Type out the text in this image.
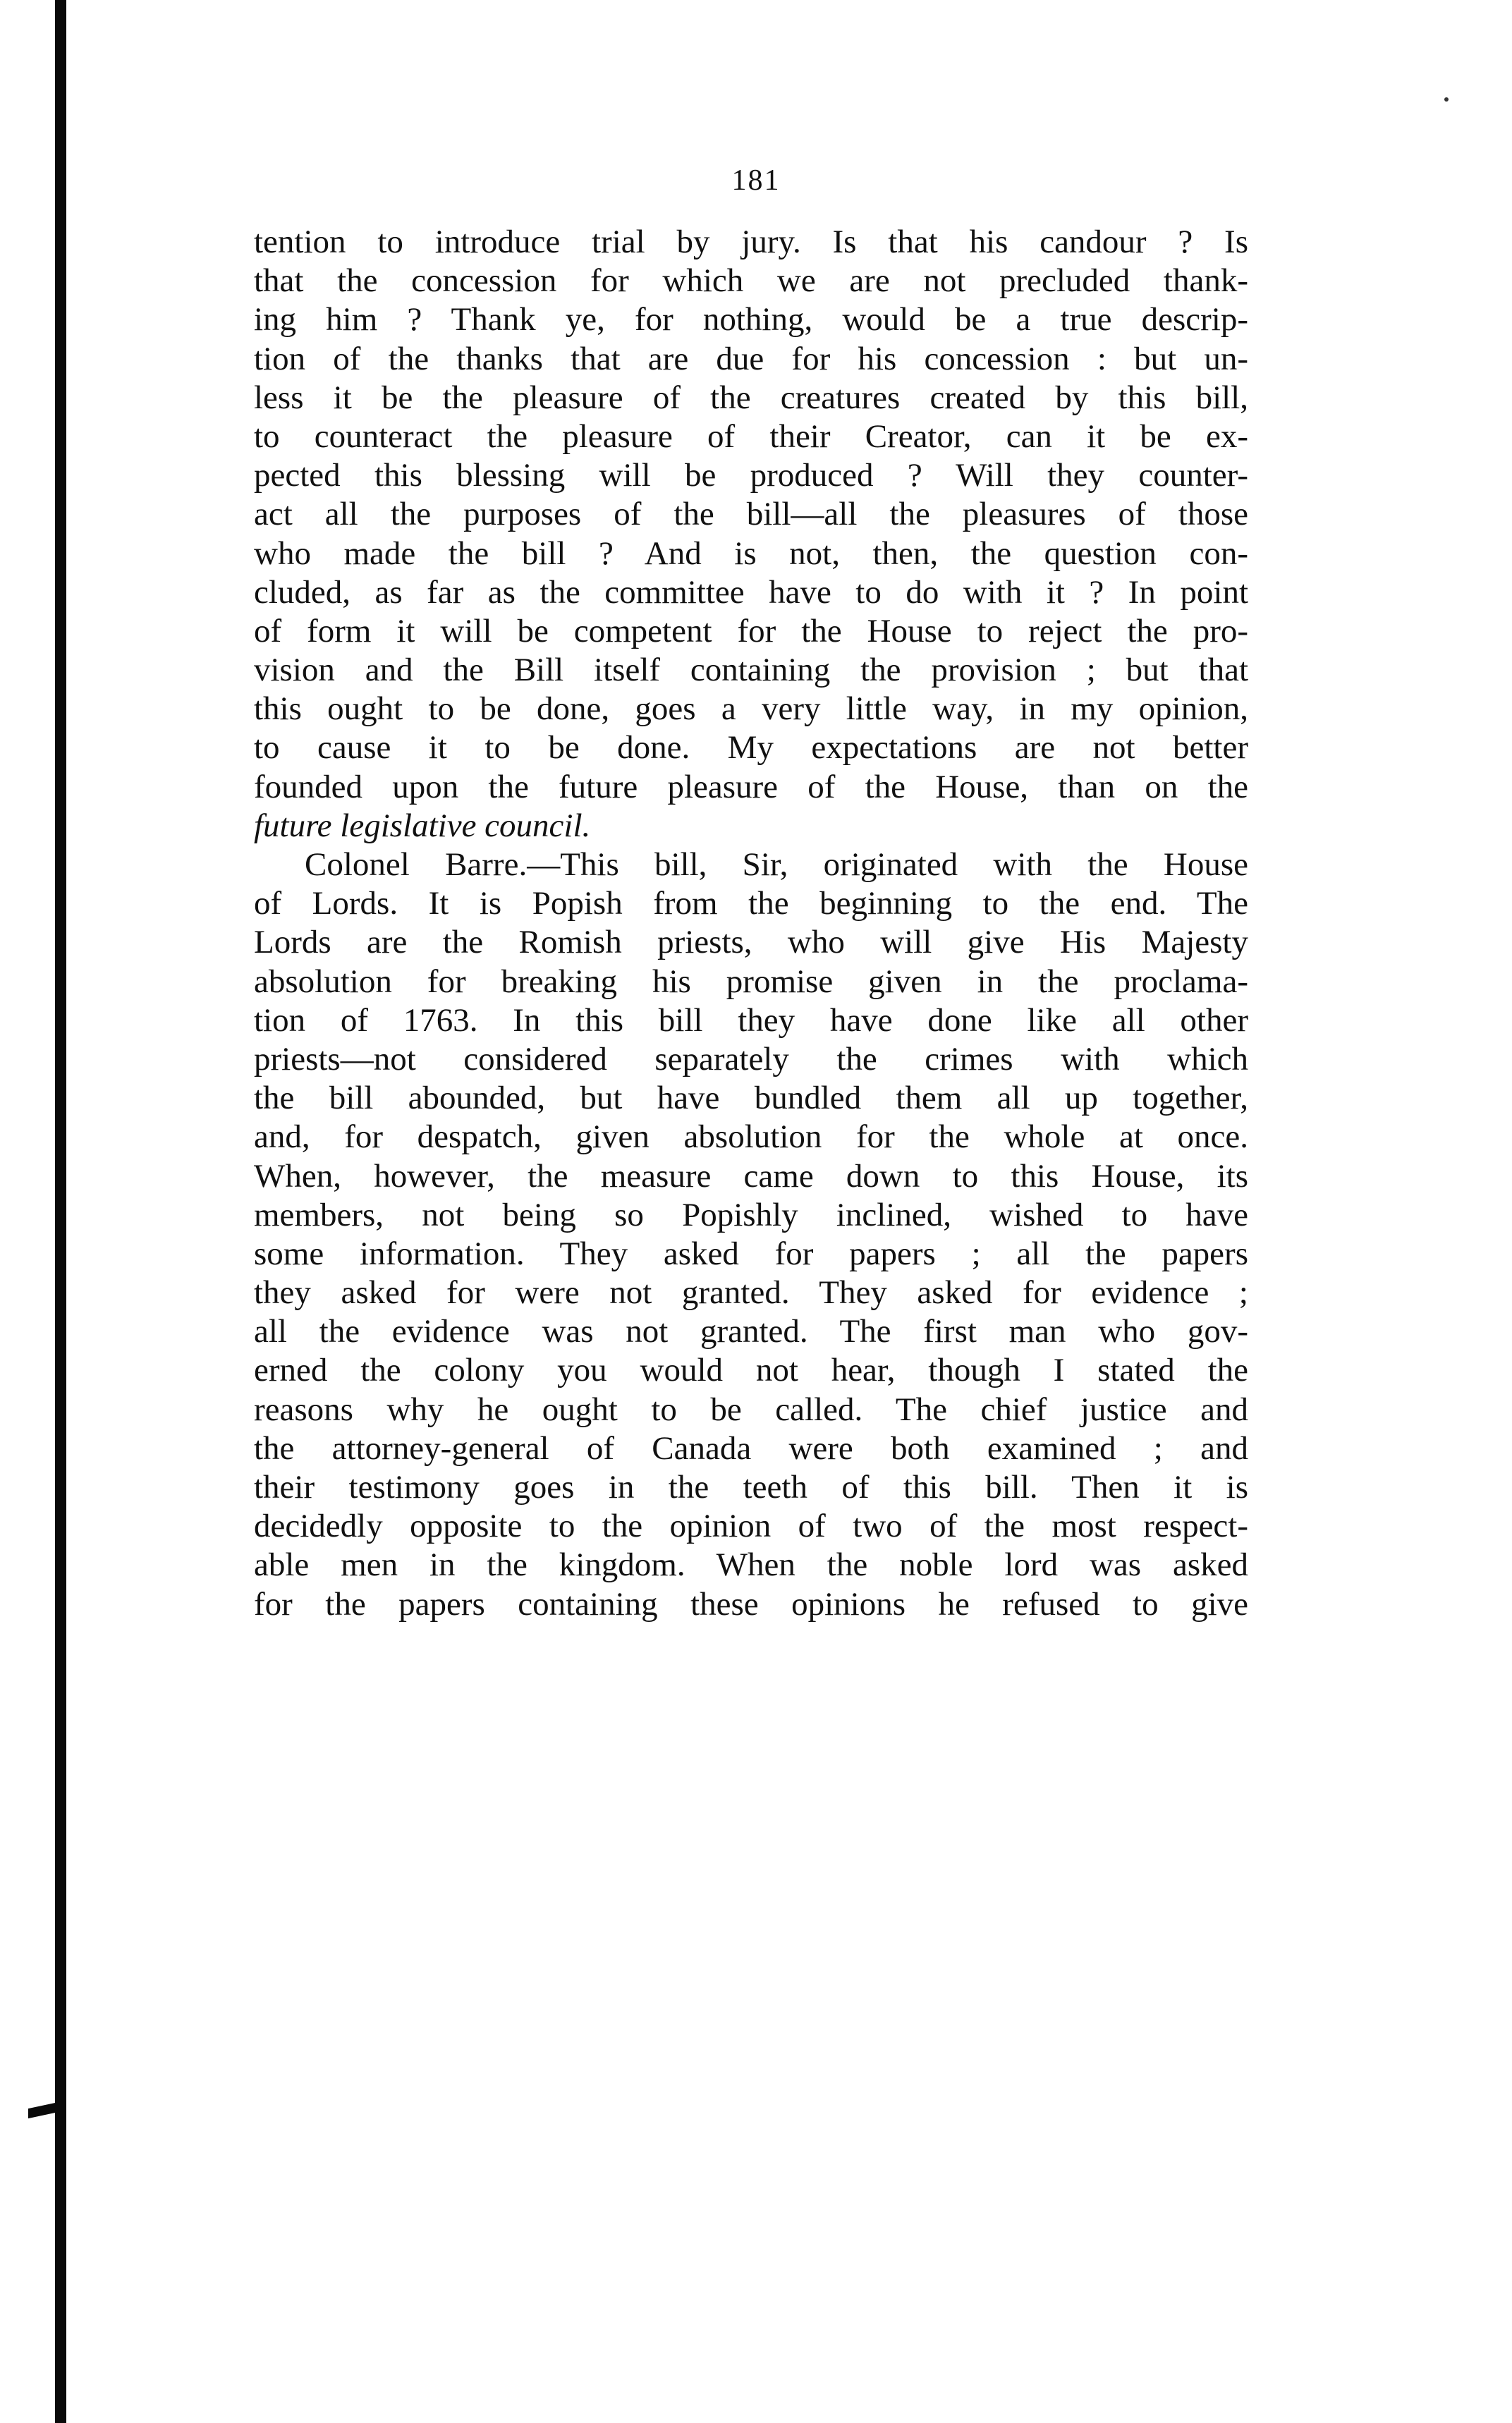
181
tention to introduce trial by jury. Is that his candour ? Is
that the concession for which we are not precluded thank-
ing him ? Thank ye, for nothing, would be a true descrip-
tion of the thanks that are due for his concession : but un-
less it be the pleasure of the creatures created by this bill,
to counteract the pleasure of their Creator, can it be ex-
pected this blessing will be produced ? Will they counter-
act all the purposes of the bill—all the pleasures of those
who made the bill ? And is not, then, the question con-
cluded, as far as the committee have to do with it ? In point
of form it will be competent for the House to reject the pro-
vision and the Bill itself containing the provision ; but that
this ought to be done, goes a very little way, in my opinion,
to cause it to be done. My expectations are not better
founded upon the future pleasure of the House, than on the
future legislative council.
Colonel Barre.—This bill, Sir, originated with the House
of Lords. It is Popish from the beginning to the end. The
Lords are the Romish priests, who will give His Majesty
absolution for breaking his promise given in the proclama-
tion of 1763. In this bill they have done like all other
priests—not considered separately the crimes with which
the bill abounded, but have bundled them all up together,
and, for despatch, given absolution for the whole at once.
When, however, the measure came down to this House, its
members, not being so Popishly inclined, wished to have
some information. They asked for papers ; all the papers
they asked for were not granted. They asked for evidence ;
all the evidence was not granted. The first man who gov-
erned the colony you would not hear, though I stated the
reasons why he ought to be called. The chief justice and
the attorney-general of Canada were both examined ; and
their testimony goes in the teeth of this bill. Then it is
decidedly opposite to the opinion of two of the most respect-
able men in the kingdom. When the noble lord was asked
for the papers containing these opinions he refused to give
